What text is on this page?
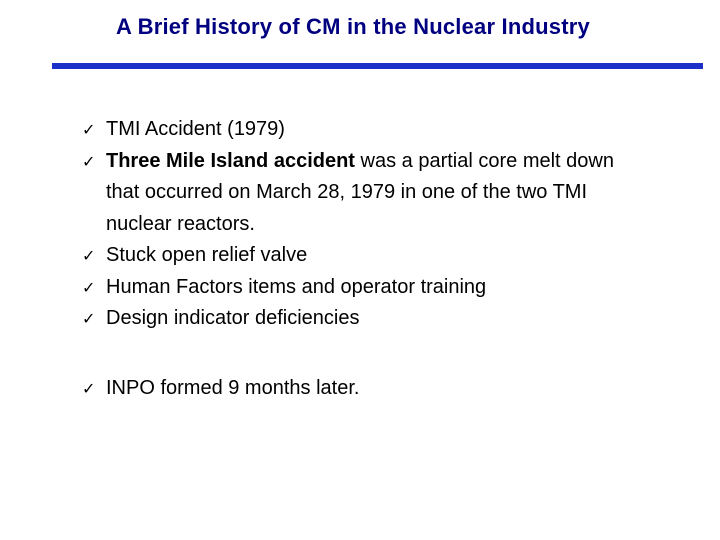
A Brief History of CM in the Nuclear Industry
✓ TMI Accident (1979)
✓ Three Mile Island accident was a partial core melt down that occurred on March 28, 1979 in one of the two TMI nuclear reactors.
✓ Stuck open relief valve
✓ Human Factors items and operator training
✓ Design indicator deficiencies
✓ INPO formed 9 months later.
